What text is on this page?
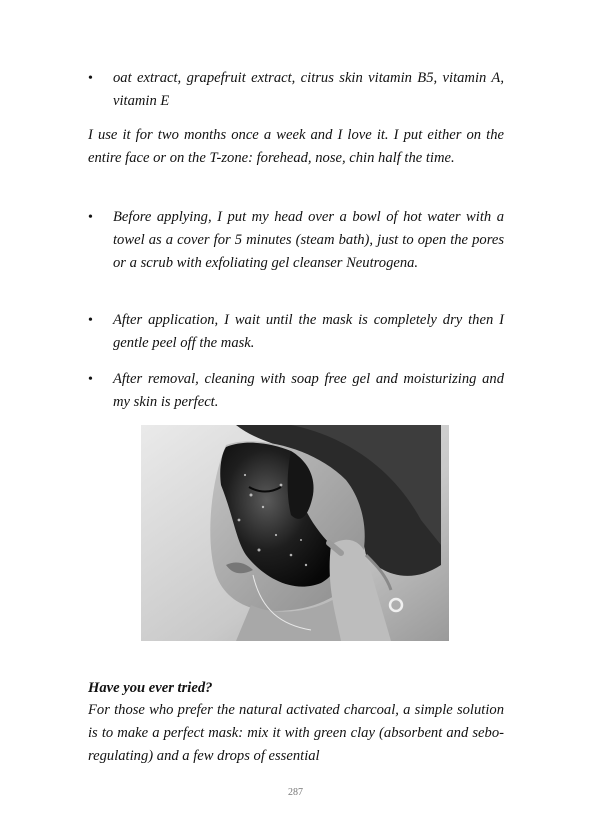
• oat extract, grapefruit extract, citrus skin vitamin B5, vitamin A, vitamin E

I use it for two months once a week and I love it. I put either on the entire face or on the T-zone: forehead, nose, chin half the time.

• Before applying, I put my head over a bowl of hot water with a towel as a cover for 5 minutes (steam bath), just to open the pores or a scrub with exfoliating gel cleanser Neutrogena.

• After application, I wait until the mask is completely dry then I gentle peel off the mask.

• After removal, cleaning with soap free gel and moisturizing and my skin is perfect.

Have you ever tried?

For those who prefer the natural activated charcoal, a simple solution is to make a perfect mask: mix it with green clay (absorbent and sebo-regulating) and a few drops of essential

287
